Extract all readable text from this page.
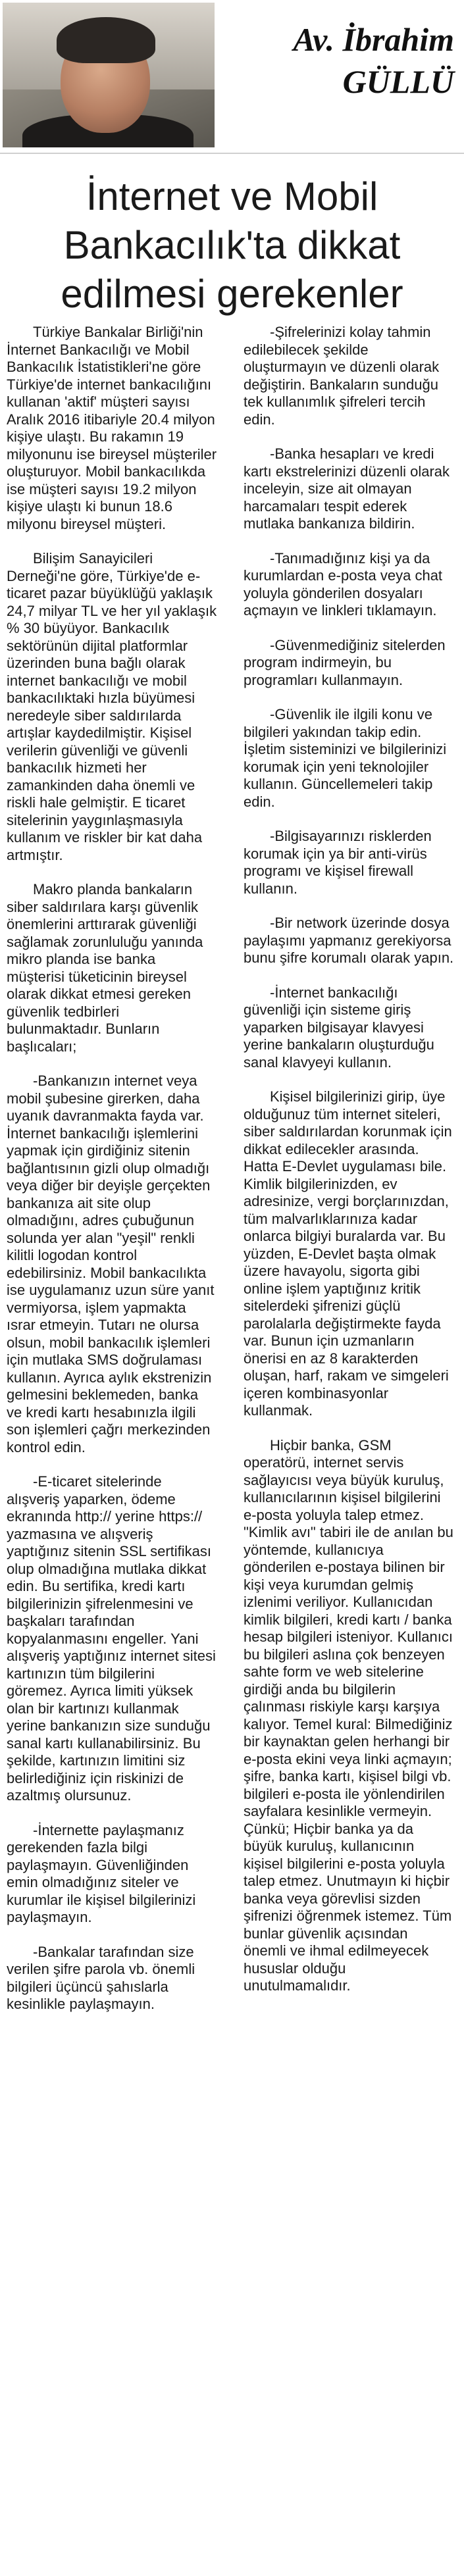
Av. İbrahim
GÜLLÜ
İnternet ve Mobil
Bankacılık'ta dikkat
edilmesi gerekenler

Türkiye Bankalar Birliği'nin İnternet Bankacılığı ve Mobil Bankacılık İstatistikleri'ne göre Türkiye'de internet bankacılığını kullanan 'aktif' müşteri sayısı Aralık 2016 itibariyle 20.4 milyon kişiye ulaştı. Bu rakamın 19 milyonunu ise bireysel müşteriler oluşturuyor. Mobil bankacılıkda ise müşteri sayısı 19.2 milyon kişiye ulaştı ki bunun 18.6 milyonu bireysel müşteri.

Bilişim Sanayicileri Derneği'ne göre, Türkiye'de e-ticaret pazar büyüklüğü yaklaşık 24,7 milyar TL ve her yıl yaklaşık % 30 büyüyor. Bankacılık sektörünün dijital platformlar üzerinden buna bağlı olarak internet bankacılığı ve mobil bankacılıktaki hızla büyümesi neredeyle siber saldırılarda artışlar kaydedilmiştir. Kişisel verilerin güvenliği ve güvenli bankacılık hizmeti her zamankinden daha önemli ve riskli hale gelmiştir. E ticaret sitelerinin yaygınlaşmasıyla kullanım ve riskler bir kat daha artmıştır.

Makro planda bankaların siber saldırılara karşı güvenlik önemlerini arttırarak güvenliği sağlamak zorunluluğu yanında mikro planda ise banka müşterisi tüketicinin bireysel olarak dikkat etmesi gereken güvenlik tedbirleri bulunmaktadır. Bunların başlıcaları;

-Bankanızın internet veya mobil şubesine girerken, daha uyanık davranmakta fayda var. İnternet bankacılığı işlemlerini yapmak için girdiğiniz sitenin bağlantısının gizli olup olmadığı veya diğer bir deyişle gerçekten bankanıza ait site olup olmadığını, adres çubuğunun solunda yer alan "yeşil" renkli kilitli logodan kontrol edebilirsiniz. Mobil bankacılıkta ise uygulamanız uzun süre yanıt vermiyorsa, işlem yapmakta ısrar etmeyin. Tutarı ne olursa olsun, mobil bankacılık işlemleri için mutlaka SMS doğrulaması kullanın. Ayrıca aylık ekstrenizin gelmesini beklemeden, banka ve kredi kartı hesabınızla ilgili son işlemleri çağrı merkezinden kontrol edin.

-E-ticaret sitelerinde alışveriş yaparken, ödeme ekranında http:// yerine https:// yazmasına ve alışveriş yaptığınız sitenin SSL sertifikası olup olmadığına mutlaka dikkat edin. Bu sertifika, kredi kartı bilgilerinizin şifrelenmesini ve başkaları tarafından kopyalanmasını engeller. Yani alışveriş yaptığınız internet sitesi kartınızın tüm bilgilerini göremez. Ayrıca limiti yüksek olan bir kartınızı kullanmak yerine bankanızın size sunduğu sanal kartı kullanabilirsiniz. Bu şekilde, kartınızın limitini siz belirlediğiniz için riskinizi de azaltmış olursunuz.

-İnternette paylaşmanız gerekenden fazla bilgi paylaşmayın. Güvenliğinden emin olmadığınız siteler ve kurumlar ile kişisel bilgilerinizi paylaşmayın.

-Bankalar tarafından size verilen şifre parola vb. önemli bilgileri üçüncü şahıslarla kesinlikle paylaşmayın.

-Şifrelerinizi kolay tahmin edilebilecek şekilde oluşturmayın ve düzenli olarak değiştirin. Bankaların sunduğu tek kullanımlık şifreleri tercih edin.

-Banka hesapları ve kredi kartı ekstrelerinizi düzenli olarak inceleyin, size ait olmayan harcamaları tespit ederek mutlaka bankanıza bildirin.

-Tanımadığınız kişi ya da kurumlardan e-posta veya chat yoluyla gönderilen dosyaları açmayın ve linkleri tıklamayın.

-Güvenmediğiniz sitelerden program indirmeyin, bu programları kullanmayın.

-Güvenlik ile ilgili konu ve bilgileri yakından takip edin. İşletim sisteminizi ve bilgilerinizi korumak için yeni teknolojiler kullanın. Güncellemeleri takip edin.

-Bilgisayarınızı risklerden korumak için ya bir anti-virüs programı ve kişisel firewall kullanın.

-Bir network üzerinde dosya paylaşımı yapmanız gerekiyorsa bunu şifre korumalı olarak yapın.

-İnternet bankacılığı güvenliği için sisteme giriş yaparken bilgisayar klavyesi yerine bankaların oluşturduğu sanal klavyeyi kullanın.

Kişisel bilgilerinizi girip, üye olduğunuz tüm internet siteleri, siber saldırılardan korunmak için dikkat edilecekler arasında. Hatta E-Devlet uygulaması bile. Kimlik bilgilerinizden, ev adresinize, vergi borçlarınızdan, tüm malvarlıklarınıza kadar onlarca bilgiyi buralarda var. Bu yüzden, E-Devlet başta olmak üzere havayolu, sigorta gibi online işlem yaptığınız kritik sitelerdeki şifrenizi güçlü parolalarla değiştirmekte fayda var. Bunun için uzmanların önerisi en az 8 karakterden oluşan, harf, rakam ve simgeleri içeren kombinasyonlar kullanmak.

Hiçbir banka, GSM operatörü, internet servis sağlayıcısı veya büyük kuruluş, kullanıcılarının kişisel bilgilerini e-posta yoluyla talep etmez. "Kimlik avı" tabiri ile de anılan bu yöntemde, kullanıcıya gönderilen e-postaya bilinen bir kişi veya kurumdan gelmiş izlenimi veriliyor. Kullanıcıdan kimlik bilgileri, kredi kartı / banka hesap bilgileri isteniyor. Kullanıcı bu bilgileri aslına çok benzeyen sahte form ve web sitelerine girdiği anda bu bilgilerin çalınması riskiyle karşı karşıya kalıyor. Temel kural: Bilmediğiniz bir kaynaktan gelen herhangi bir e-posta ekini veya linki açmayın; şifre, banka kartı, kişisel bilgi vb. bilgileri e-posta ile yönlendirilen sayfalara kesinlikle vermeyin. Çünkü; Hiçbir banka ya da büyük kuruluş, kullanıcının kişisel bilgilerini e-posta yoluyla talep etmez. Unutmayın ki hiçbir banka veya görevlisi sizden şifrenizi öğrenmek istemez. Tüm bunlar güvenlik açısından önemli ve ihmal edilmeyecek hususlar olduğu unutulmamalıdır.
